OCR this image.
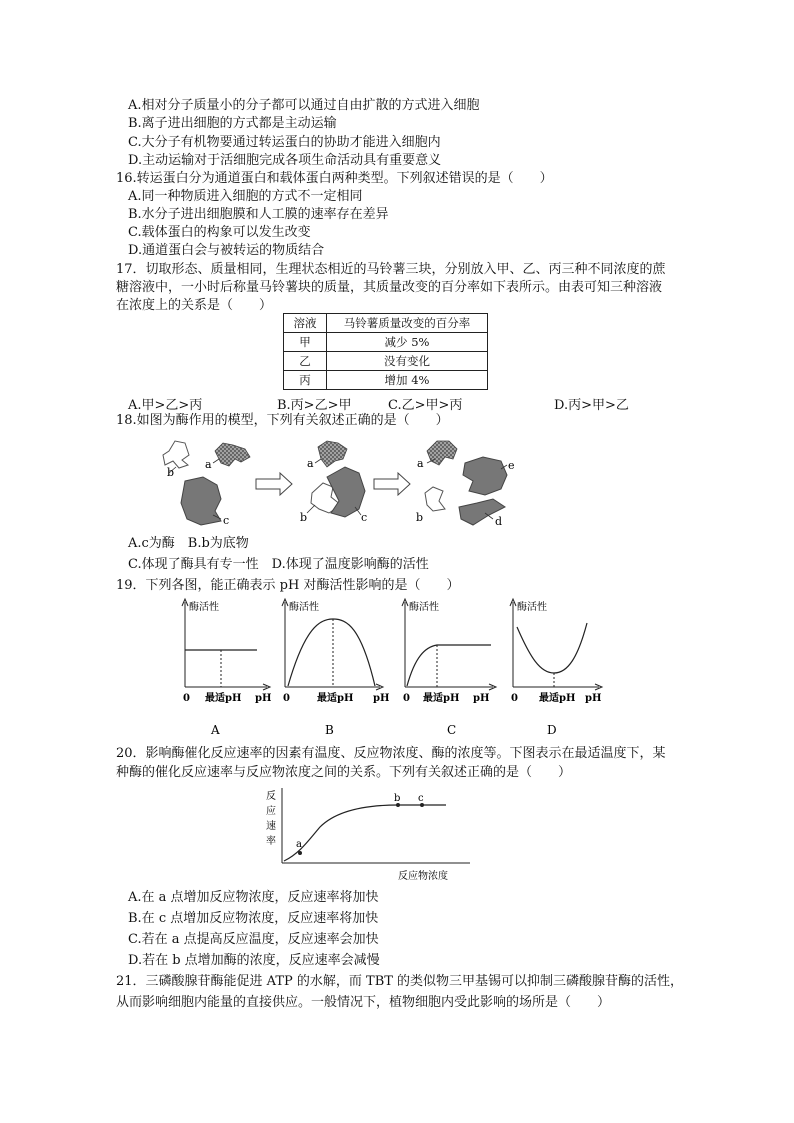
A.相对分子质量小的分子都可以通过自由扩散的方式进入细胞
B.离子进出细胞的方式都是主动运输
C.大分子有机物要通过转运蛋白的协助才能进入细胞内
D.主动运输对于活细胞完成各项生命活动具有重要意义
16.转运蛋白分为通道蛋白和载体蛋白两种类型。下列叙述错误的是（　　）
A.同一种物质进入细胞的方式不一定相同
B.水分子进出细胞膜和人工膜的速率存在差异
C.载体蛋白的构象可以发生改变
D.通道蛋白会与被转运的物质结合
17．切取形态、质量相同，生理状态相近的马铃薯三块，分别放入甲、乙、丙三种不同浓度的蔗
糖溶液中，一小时后称量马铃薯块的质量，其质量改变的百分率如下表所示。由表可知三种溶液
在浓度上的关系是（　　）
溶液	马铃薯质量改变的百分率
甲	减少 5%
乙	没有变化
丙	增加 4%
A.甲>乙>丙	B.丙>乙>甲	C.乙>甲>丙	D.丙>甲>乙
18.如图为酶作用的模型，下列有关叙述正确的是（　　）
b
a
c
a
b	c
a
b
e
d
A.c为酶　B.b为底物
C.体现了酶具有专一性　D.体现了温度影响酶的活性
19．下列各图，能正确表示 pH 对酶活性影响的是（　　）
酶活性
0 最适pH pH
A
酶活性
0	最适pH pH
B
酶活性
0 最适pH pH
C
酶活性
0 最适pH pH
D
20．影响酶催化反应速率的因素有温度、反应物浓度、酶的浓度等。下图表示在最适温度下，某
种酶的催化反应速率与反应物浓度之间的关系。下列有关叙述正确的是（　　）
反
应
速
率 a
b c
反应物浓度
A.在 a 点增加反应物浓度，反应速率将加快
B.在 c 点增加反应物浓度，反应速率将加快
C.若在 a 点提高反应温度，反应速率会加快
D.若在 b 点增加酶的浓度，反应速率会减慢
21．三磷酸腺苷酶能促进 ATP 的水解，而 TBT 的类似物三甲基锡可以抑制三磷酸腺苷酶的活性，
从而影响细胞内能量的直接供应。一般情况下，植物细胞内受此影响的场所是（　　）
